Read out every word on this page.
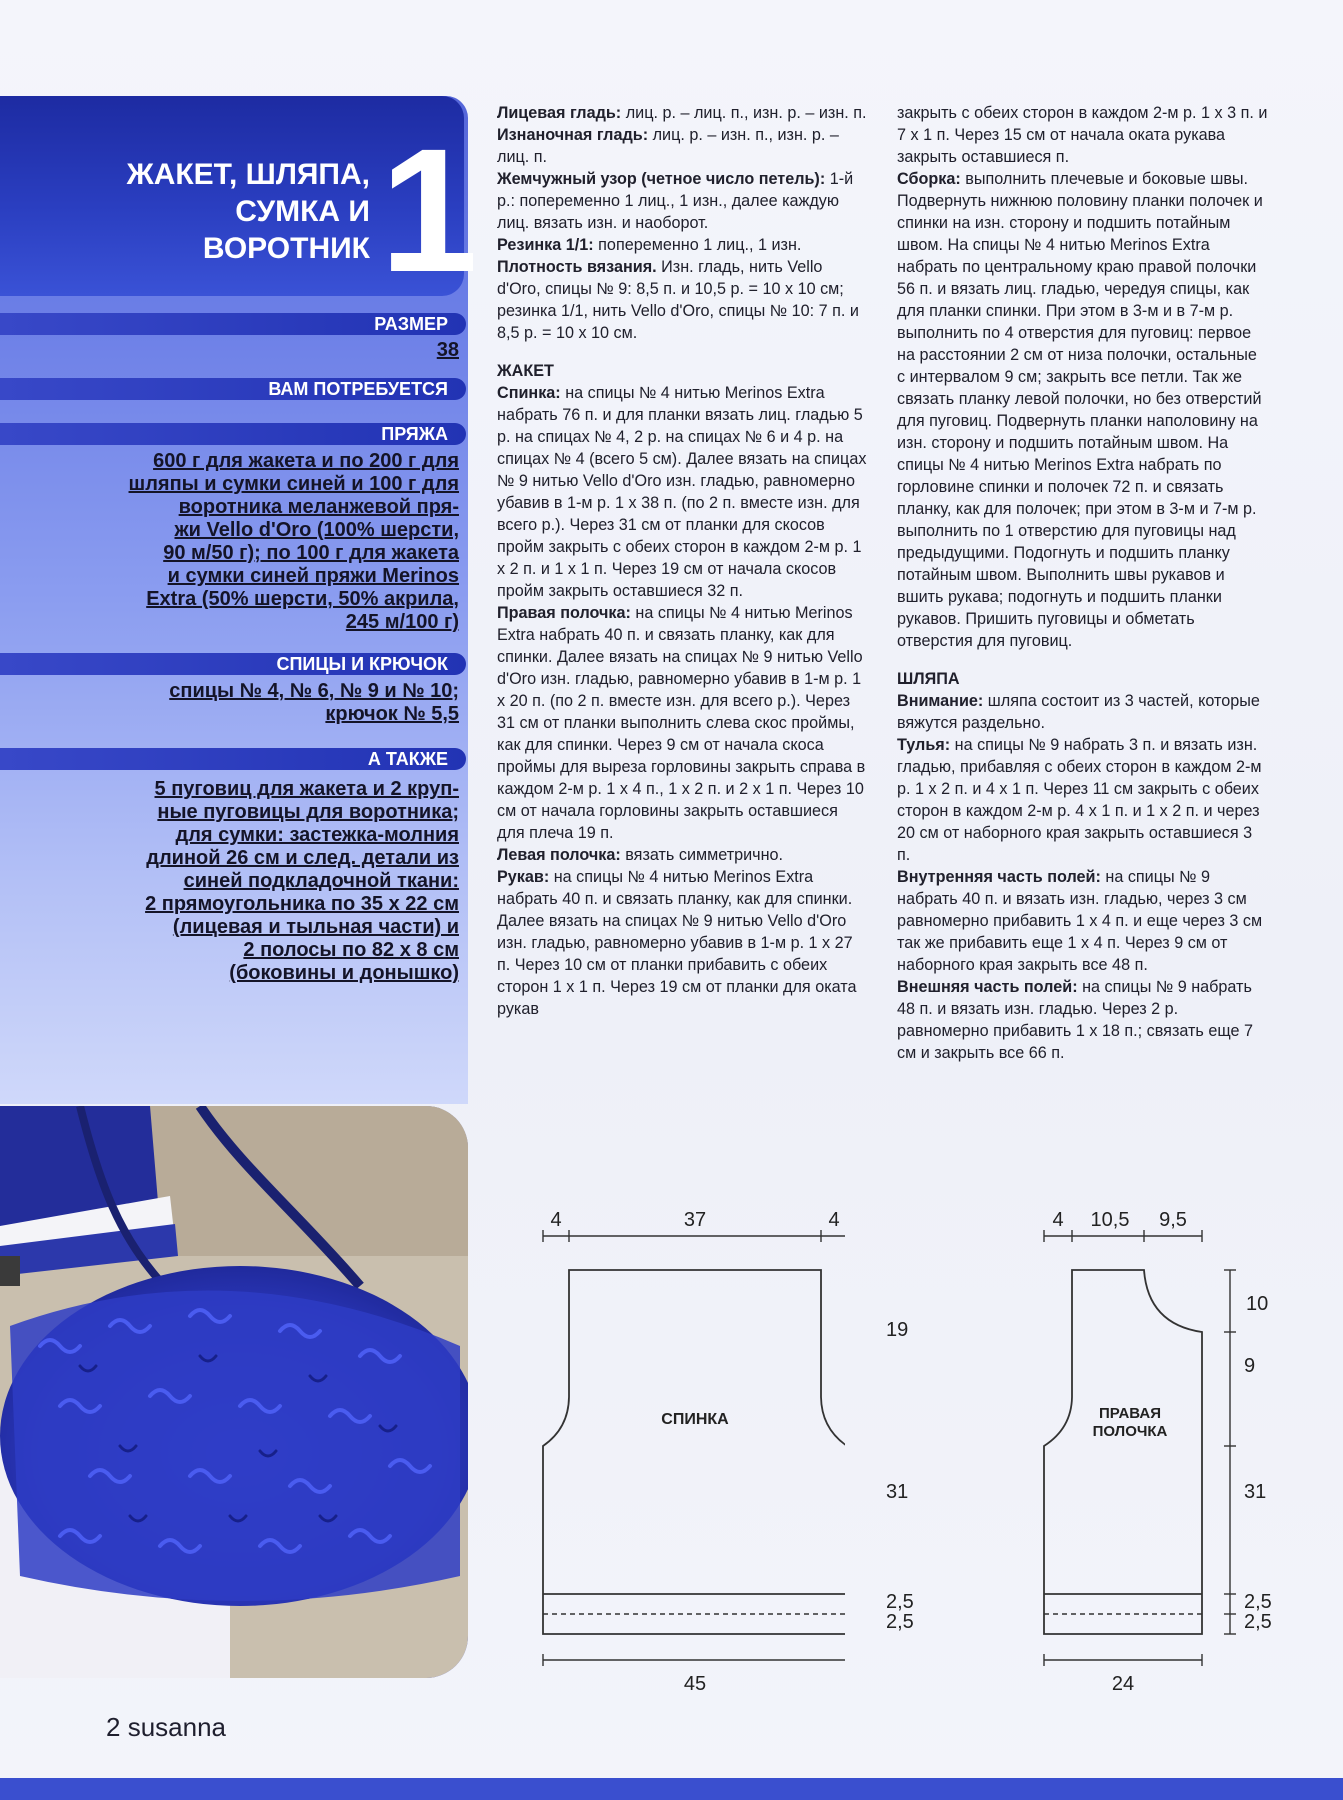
ЖАКЕТ, ШЛЯПА,
СУМКА И
ВОРОТНИК 1
РАЗМЕР
38
ВАМ ПОТРЕБУЕТСЯ
ПРЯЖА
600 г для жакета и по 200 г для
шляпы и сумки синей и 100 г для
воротника меланжевой пря-
жи Vello d'Oro (100% шерсти,
90 м/50 г); по 100 г для жакета
и сумки синей пряжи Merinos
Extra (50% шерсти, 50% акрила,
245 м/100 г)
СПИЦЫ И КРЮЧОК
спицы № 4, № 6, № 9 и № 10;
крючок № 5,5
А ТАКЖЕ
5 пуговиц для жакета и 2 круп-
ные пуговицы для воротника;
для сумки: застежка-молния
длиной 26 см и след. детали из
синей подкладочной ткани:
2 прямоугольника по 35 x 22 см
(лицевая и тыльная части) и
2 полосы по 82 x 8 см
(боковины и донышко)

Лицевая гладь: лиц. р. – лиц. п., изн. р. – изн. п.

Изнаночная гладь: лиц. р. – изн. п., изн. р. – лиц. п.

Жемчужный узор (четное число петель): 1-й р.: попеременно 1 лиц., 1 изн., далее каждую лиц. вязать изн. и наоборот.

Резинка 1/1: попеременно 1 лиц., 1 изн.

Плотность вязания. Изн. гладь, нить Vello d'Oro, спицы № 9: 8,5 п. и 10,5 р. = 10 x 10 см; резинка 1/1, нить Vello d'Oro, спицы № 10: 7 п. и 8,5 р. = 10 x 10 см.

ЖАКЕТ

Спинка: на спицы № 4 нитью Merinos Extra набрать 76 п. и для планки вязать лиц. гладью 5 р. на спицах № 4, 2 р. на спицах № 6 и 4 р. на спицах № 4 (всего 5 см). Далее вязать на спицах № 9 нитью Vello d'Oro изн. гладью, равномерно убавив в 1-м р. 1 x 38 п. (по 2 п. вместе изн. для всего р.). Через 31 см от планки для скосов пройм закрыть с обеих сторон в каждом 2-м р. 1 x 2 п. и 1 x 1 п. Через 19 см от начала скосов пройм закрыть оставшиеся 32 п.

Правая полочка: на спицы № 4 нитью Merinos Extra набрать 40 п. и связать планку, как для спинки. Далее вязать на спицах № 9 нитью Vello d'Oro изн. гладью, равномерно убавив в 1-м р. 1 x 20 п. (по 2 п. вместе изн. для всего р.). Через 31 см от планки выполнить слева скос проймы, как для спинки. Через 9 см от начала скоса проймы для выреза горловины закрыть справа в каждом 2-м р. 1 x 4 п., 1 x 2 п. и 2 x 1 п. Через 10 см от начала горловины закрыть оставшиеся для плеча 19 п.

Левая полочка: вязать симметрично.

Рукав: на спицы № 4 нитью Merinos Extra набрать 40 п. и связать планку, как для спинки. Далее вязать на спицах № 9 нитью Vello d'Oro изн. гладью, равномерно убавив в 1-м р. 1 x 27 п. Через 10 см от планки прибавить с обеих сторон 1 x 1 п. Через 19 см от планки для оката рукав

закрыть с обеих сторон в каждом 2-м р. 1 x 3 п. и 7 x 1 п. Через 15 см от начала оката рукава закрыть оставшиеся п.

Сборка: выполнить плечевые и боковые швы. Подвернуть нижнюю половину планки полочек и спинки на изн. сторону и подшить потайным швом. На спицы № 4 нитью Merinos Extra набрать по центральному краю правой полочки 56 п. и вязать лиц. гладью, чередуя спицы, как для планки спинки. При этом в 3-м и в 7-м р. выполнить по 4 отверстия для пуговиц: первое на расстоянии 2 см от низа полочки, остальные с интервалом 9 см; закрыть все петли. Так же связать планку левой полочки, но без отверстий для пуговиц. Подвернуть планки наполовину на изн. сторону и подшить потайным швом. На спицы № 4 нитью Merinos Extra набрать по горловине спинки и полочек 72 п. и связать планку, как для полочек; при этом в 3-м и 7-м р. выполнить по 1 отверстию для пуговицы над предыдущими. Подогнуть и подшить планку потайным швом. Выполнить швы рукавов и вшить рукава; подогнуть и подшить планки рукавов. Пришить пуговицы и обметать отверстия для пуговиц.

ШЛЯПА

Внимание: шляпа состоит из 3 частей, которые вяжутся раздельно.

Тулья: на спицы № 9 набрать 3 п. и вязать изн. гладью, прибавляя с обеих сторон в каждом 2-м р. 1 x 2 п. и 4 x 1 п. Через 11 см закрыть с обеих сторон в каждом 2-м р. 4 x 1 п. и 1 x 2 п. и через 20 см от наборного края закрыть оставшиеся 3 п.

Внутренняя часть полей: на спицы № 9 набрать 40 п. и вязать изн. гладью, через 3 см равномерно прибавить 1 x 4 п. и еще через 3 см так же прибавить еще 1 x 4 п. Через 9 см от наборного края закрыть все 48 п.

Внешняя часть полей: на спицы № 9 набрать 48 п. и вязать изн. гладью. Через 2 р. равномерно прибавить 1 x 18 п.; связать еще 7 см и закрыть все 66 п.

4	37	4
СПИНКА
45
19
31
2,5
2,5
4 10,5 9,5
ПРАВАЯ
ПОЛОЧКА
24
10
9
31
2,5
2,5
2 susanna
